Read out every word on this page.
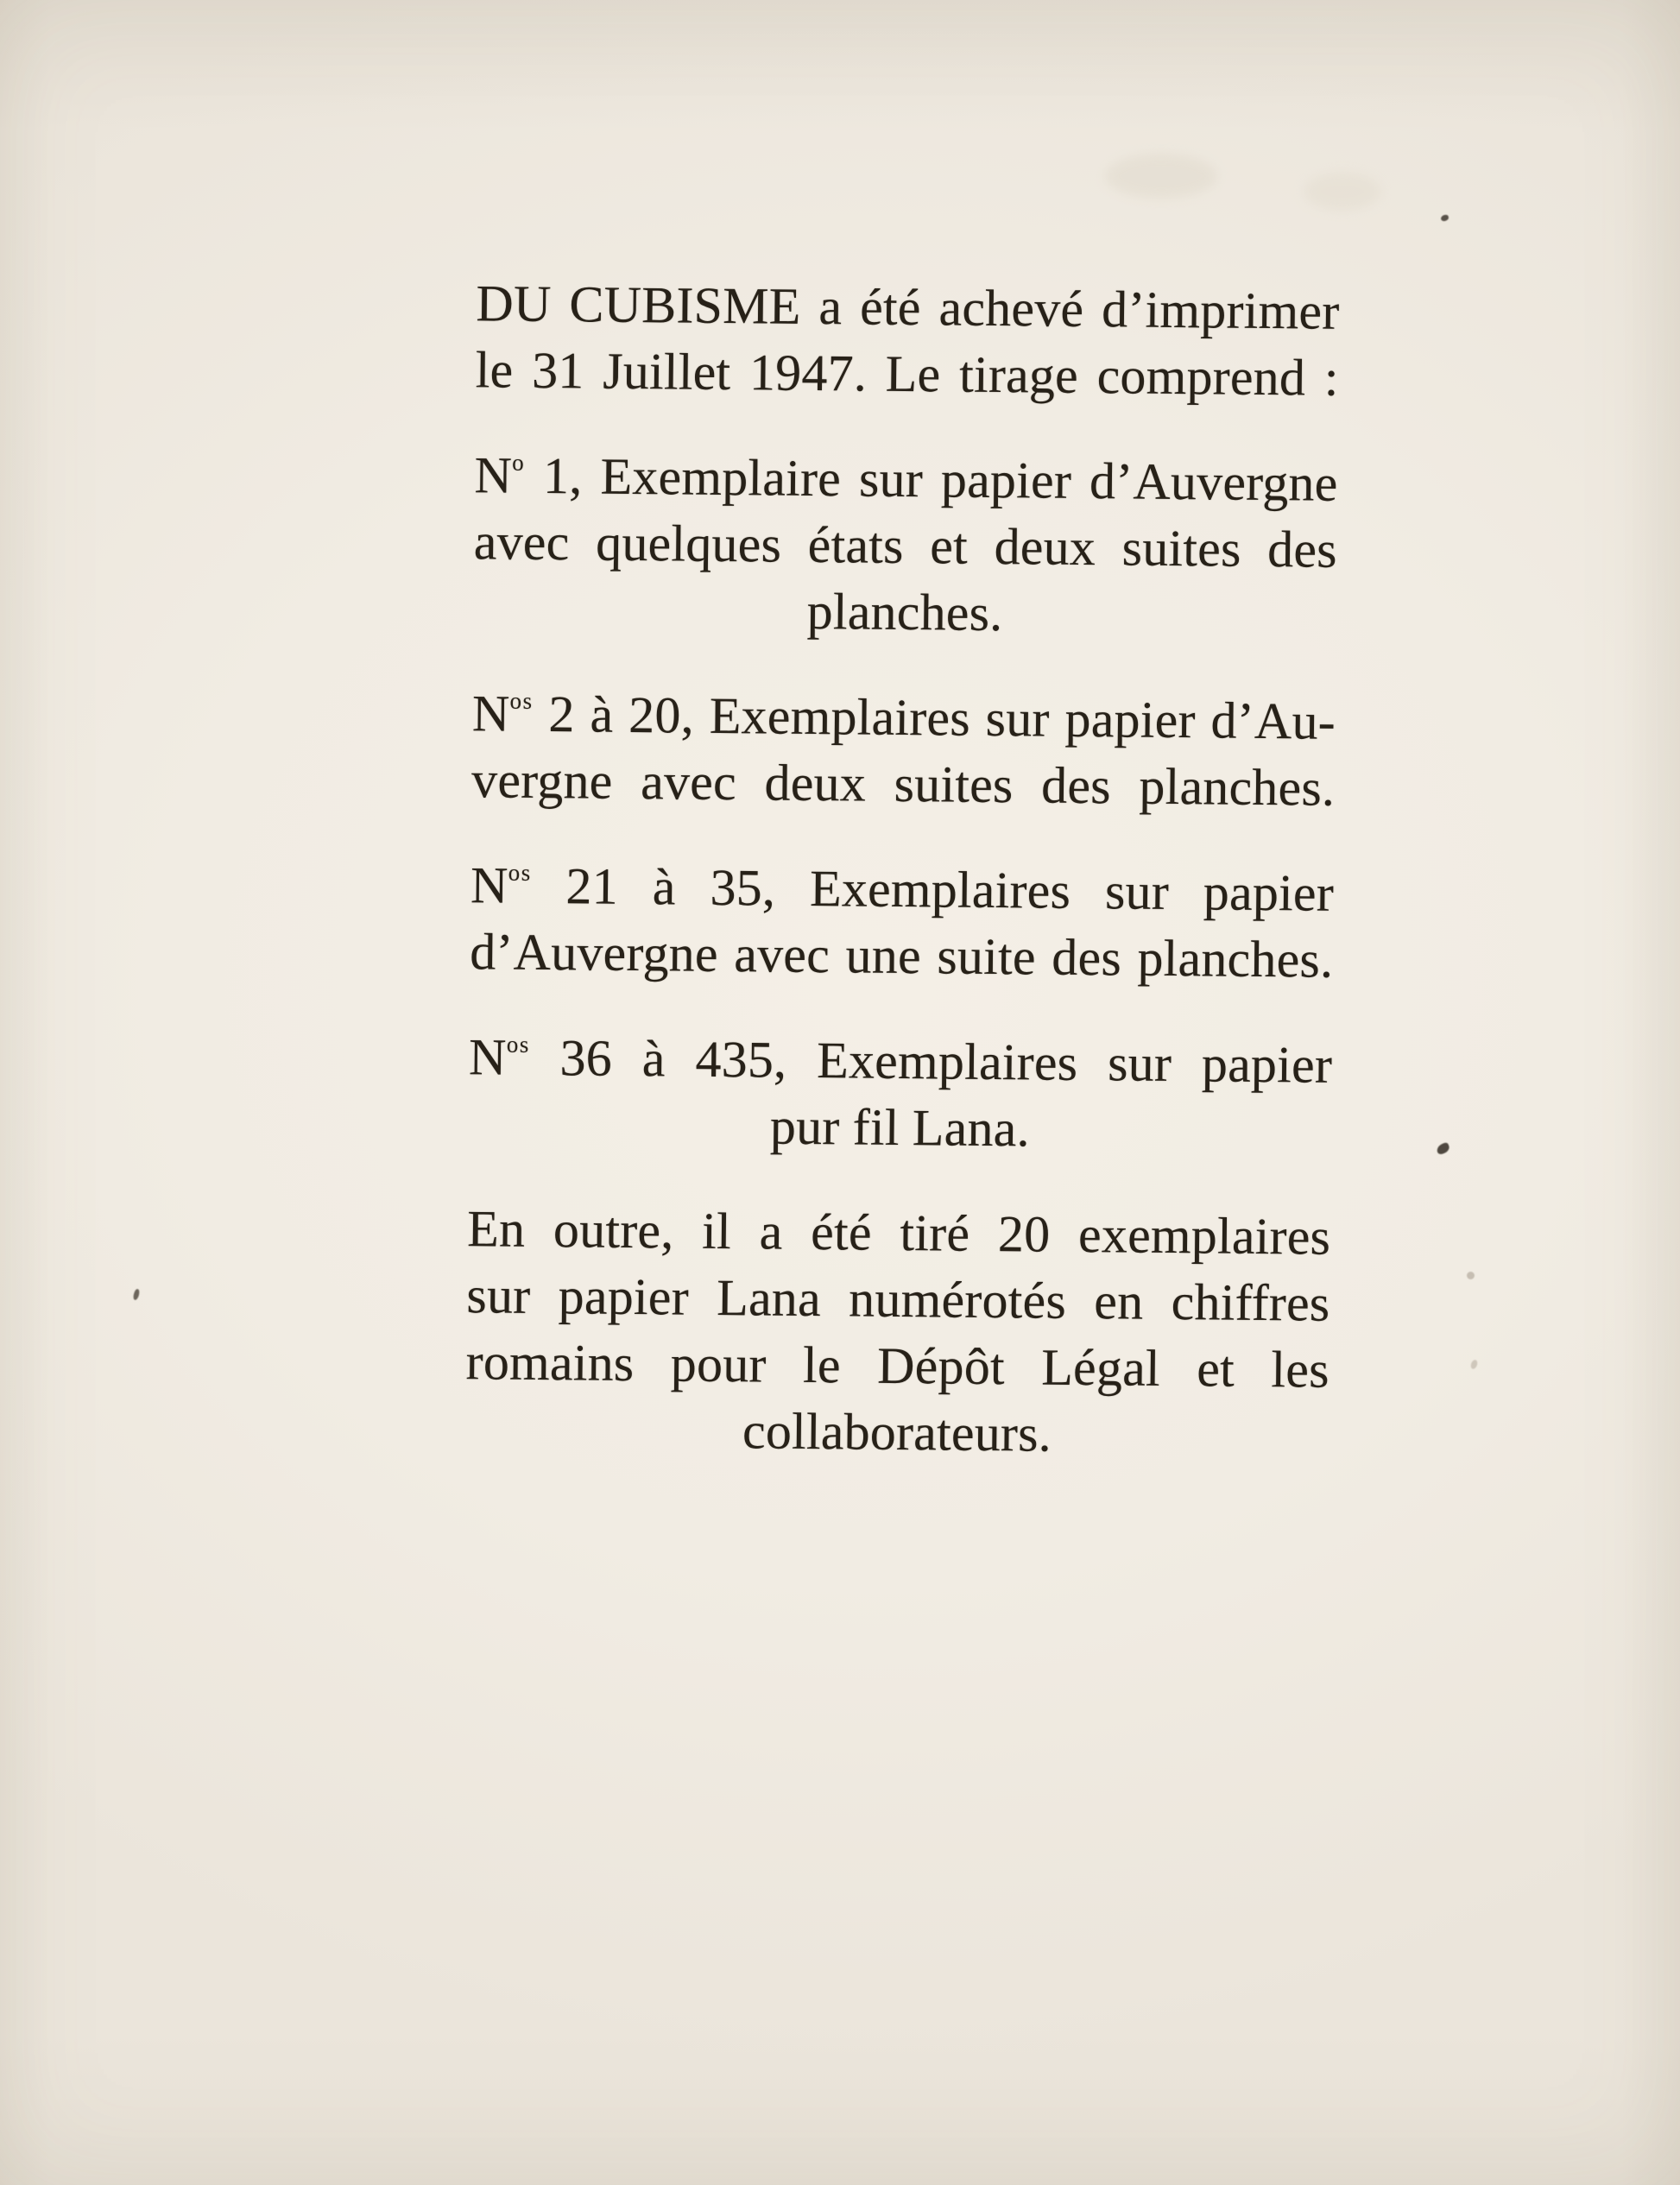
DU CUBISME a été achevé d’imprimer
le 31 Juillet 1947. Le tirage comprend :
$N^o$ 1, Exemplaire sur papier d’Auvergne
avec quelques états et deux suites des
planches.
$N^{os}$ 2 à 20, Exemplaires sur papier d’Au-
vergne avec deux suites des planches.
$N^{os}$ 21 à 35, Exemplaires sur papier
d’Auvergne avec une suite des planches.
$N^{os}$ 36 à 435, Exemplaires sur papier
pur fil Lana.
En outre, il a été tiré 20 exemplaires
sur papier Lana numérotés en chiffres
romains pour le Dépôt Légal et les
collaborateurs.
